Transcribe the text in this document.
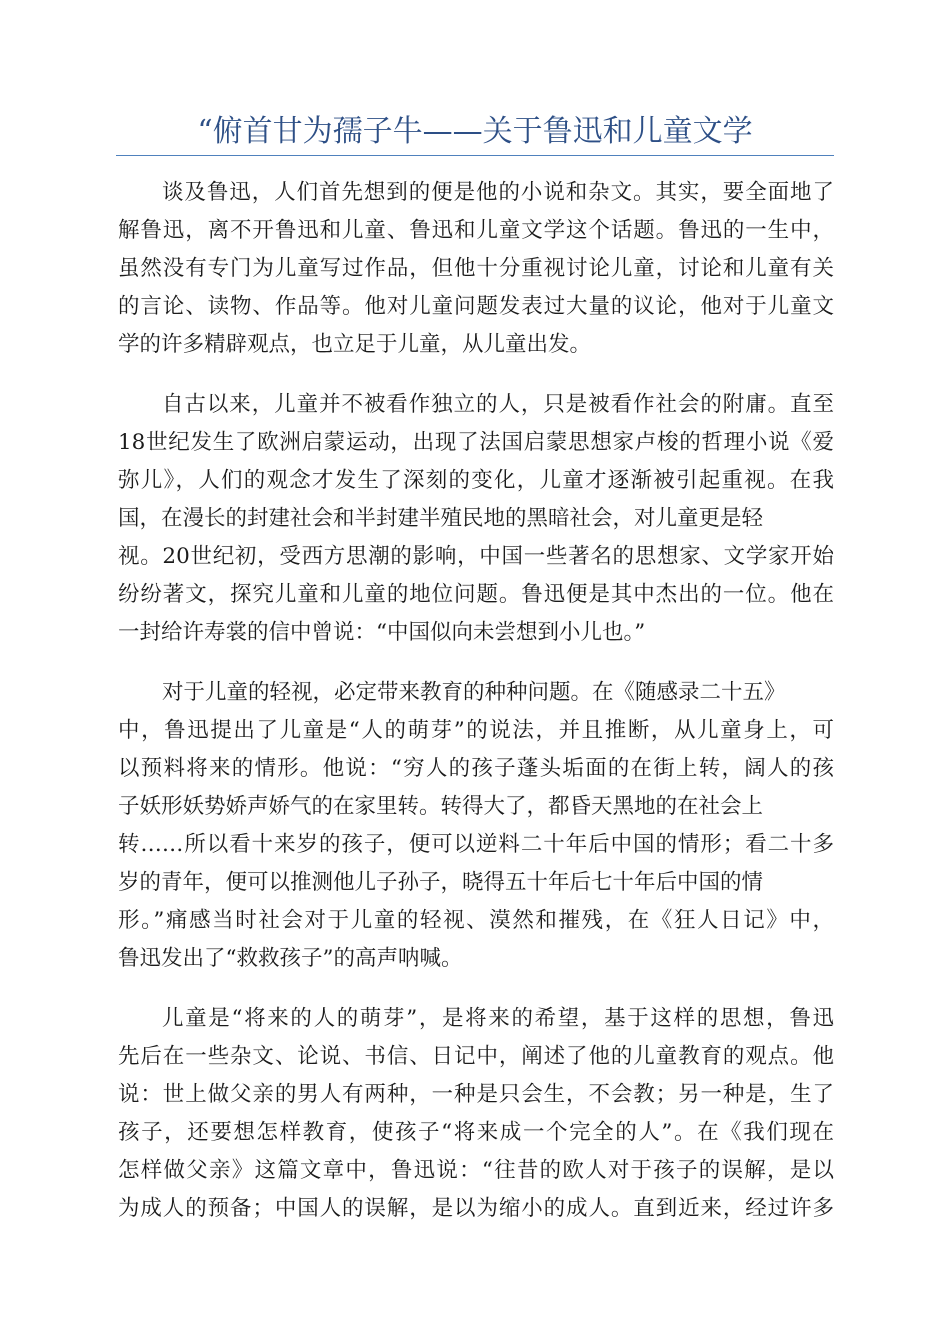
“俯首甘为孺子牛——关于鲁迅和儿童文学
谈及鲁迅，人们首先想到的便是他的小说和杂文。其实，要全面地了
解鲁迅，离不开鲁迅和儿童、鲁迅和儿童文学这个话题。鲁迅的一生中，
虽然没有专门为儿童写过作品，但他十分重视讨论儿童，讨论和儿童有关
的言论、读物、作品等。他对儿童问题发表过大量的议论，他对于儿童文
学的许多精辟观点，也立足于儿童，从儿童出发。
自古以来，儿童并不被看作独立的人，只是被看作社会的附庸。直至
18世纪发生了欧洲启蒙运动，出现了法国启蒙思想家卢梭的哲理小说《爱
弥儿》，人们的观念才发生了深刻的变化，儿童才逐渐被引起重视。在我
国，在漫长的封建社会和半封建半殖民地的黑暗社会，对儿童更是轻
视。20世纪初，受西方思潮的影响，中国一些著名的思想家、文学家开始
纷纷著文，探究儿童和儿童的地位问题。鲁迅便是其中杰出的一位。他在
一封给许寿裳的信中曾说：“中国似向未尝想到小儿也。”
对于儿童的轻视，必定带来教育的种种问题。在《随感录二十五》
中，鲁迅提出了儿童是“人的萌芽”的说法，并且推断，从儿童身上，可
以预料将来的情形。他说：“穷人的孩子蓬头垢面的在街上转，阔人的孩
子妖形妖势娇声娇气的在家里转。转得大了，都昏天黑地的在社会上
转……所以看十来岁的孩子，便可以逆料二十年后中国的情形；看二十多
岁的青年，便可以推测他儿子孙子，晓得五十年后七十年后中国的情
形。”痛感当时社会对于儿童的轻视、漠然和摧残，在《狂人日记》中，
鲁迅发出了“救救孩子”的高声呐喊。
儿童是“将来的人的萌芽”，是将来的希望，基于这样的思想，鲁迅
先后在一些杂文、论说、书信、日记中，阐述了他的儿童教育的观点。他
说：世上做父亲的男人有两种，一种是只会生，不会教；另一种是，生了
孩子，还要想怎样教育，使孩子“将来成一个完全的人”。在《我们现在
怎样做父亲》这篇文章中，鲁迅说：“往昔的欧人对于孩子的误解，是以
为成人的预备；中国人的误解，是以为缩小的成人。直到近来，经过许多
